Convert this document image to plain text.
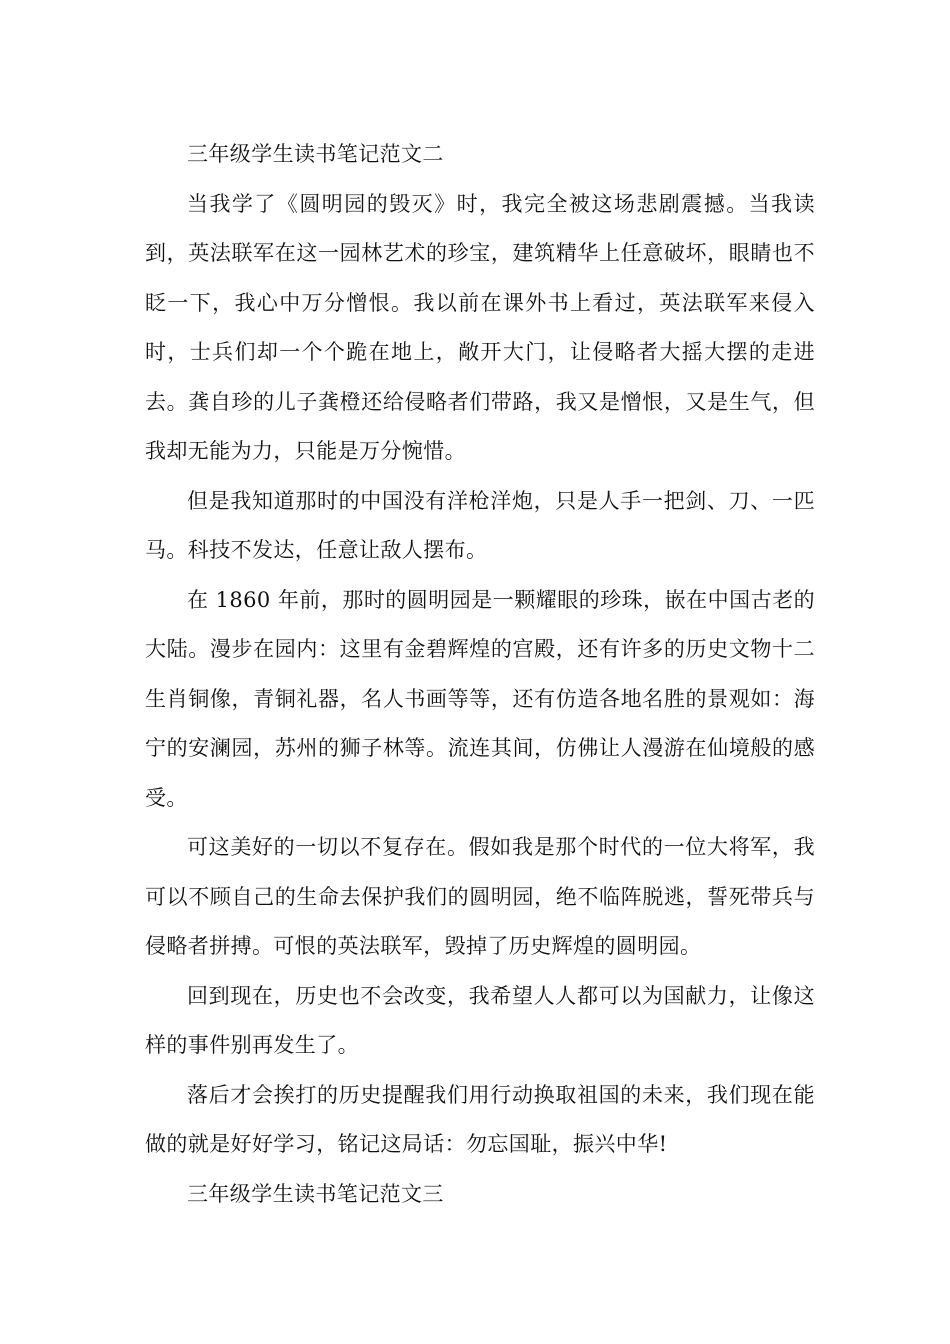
三年级学生读书笔记范文二

当我学了《圆明园的毁灭》时，我完全被这场悲剧震撼。当我读到，英法联军在这一园林艺术的珍宝，建筑精华上任意破坏，眼睛也不眨一下，我心中万分憎恨。我以前在课外书上看过，英法联军来侵入时，士兵们却一个个跪在地上，敞开大门，让侵略者大摇大摆的走进去。龚自珍的儿子龚橙还给侵略者们带路，我又是憎恨，又是生气，但我却无能为力，只能是万分惋惜。

但是我知道那时的中国没有洋枪洋炮，只是人手一把剑、刀、一匹马。科技不发达，任意让敌人摆布。

在 1860 年前，那时的圆明园是一颗耀眼的珍珠，嵌在中国古老的大陆。漫步在园内：这里有金碧辉煌的宫殿，还有许多的历史文物十二生肖铜像，青铜礼器，名人书画等等，还有仿造各地名胜的景观如：海宁的安澜园，苏州的狮子林等。流连其间，仿佛让人漫游在仙境般的感受。

可这美好的一切以不复存在。假如我是那个时代的一位大将军，我可以不顾自己的生命去保护我们的圆明园，绝不临阵脱逃，誓死带兵与侵略者拼搏。可恨的英法联军，毁掉了历史辉煌的圆明园。

回到现在，历史也不会改变，我希望人人都可以为国献力，让像这样的事件别再发生了。

落后才会挨打的历史提醒我们用行动换取祖国的未来，我们现在能做的就是好好学习，铭记这局话：勿忘国耻，振兴中华!

三年级学生读书笔记范文三
